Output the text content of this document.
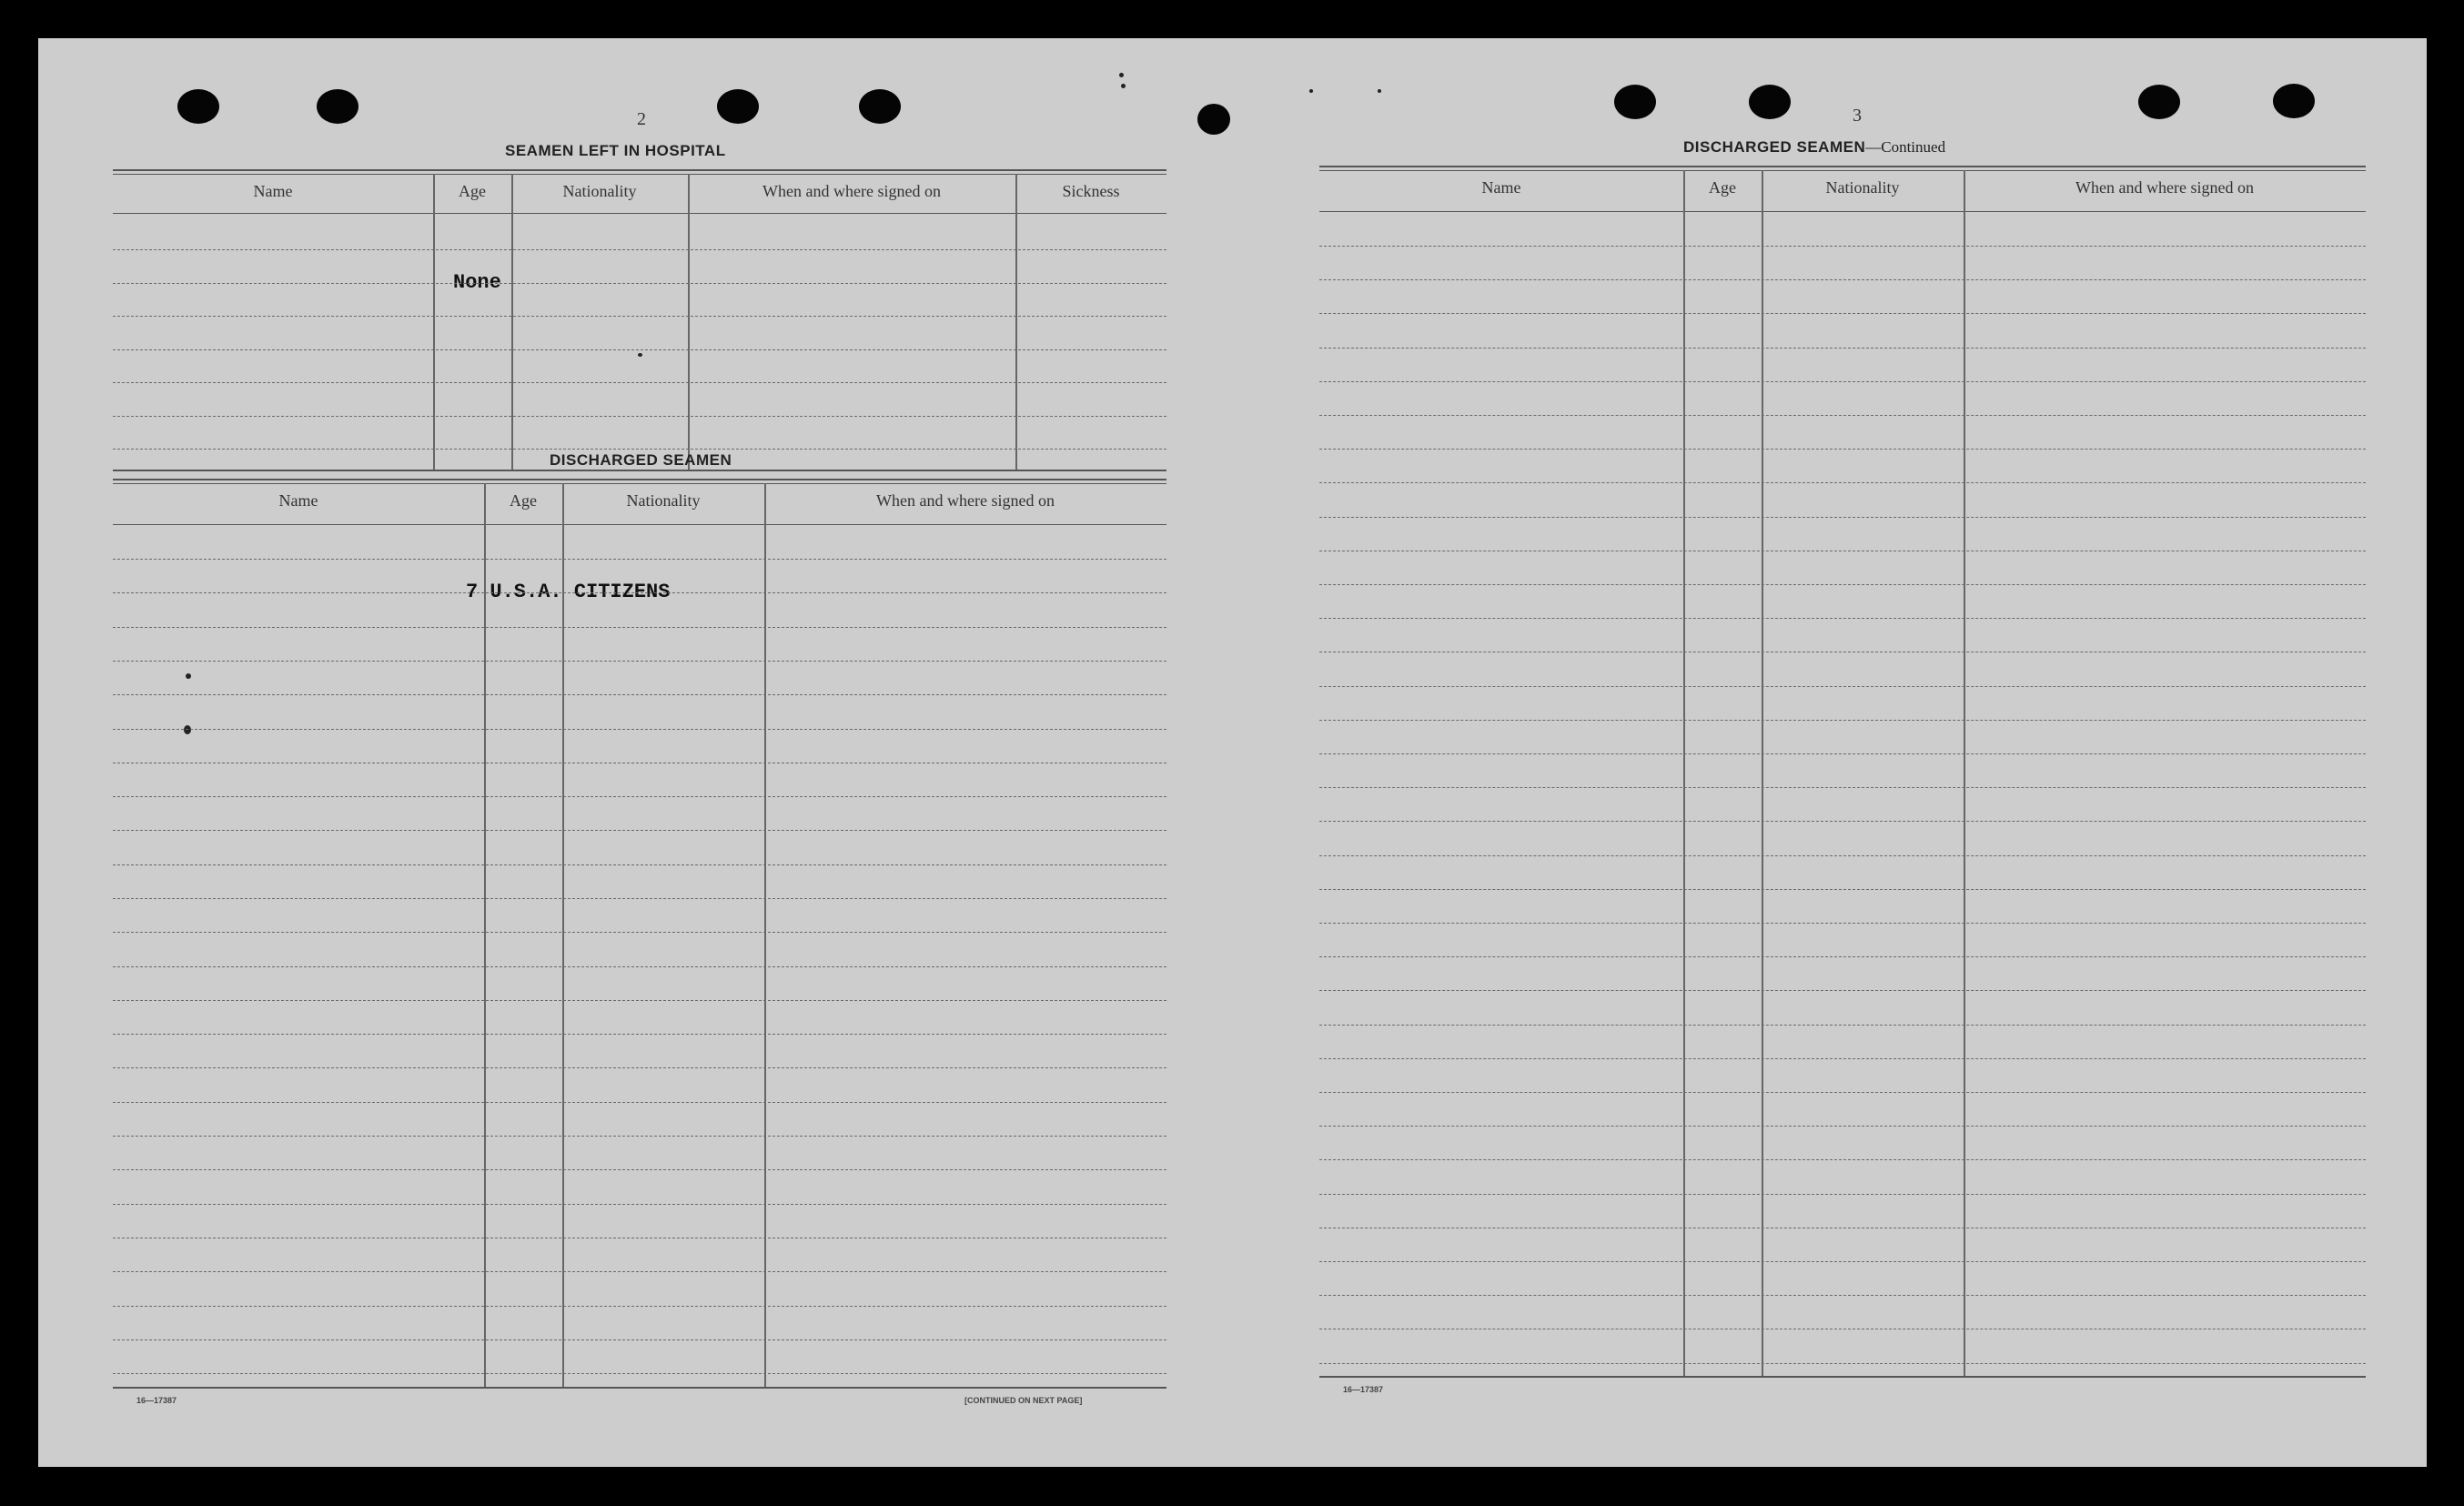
2
SEAMEN LEFT IN HOSPITAL
Name	Age	Nationality	When and where signed on	Sickness
None
DISCHARGED SEAMEN
Name	Age	Nationality	When and where signed on
7 U.S.A. CITIZENS
16—17387	[CONTINUED ON NEXT PAGE]
3
DISCHARGED SEAMEN—Continued
Name	Age	Nationality	When and where signed on
16—17387
